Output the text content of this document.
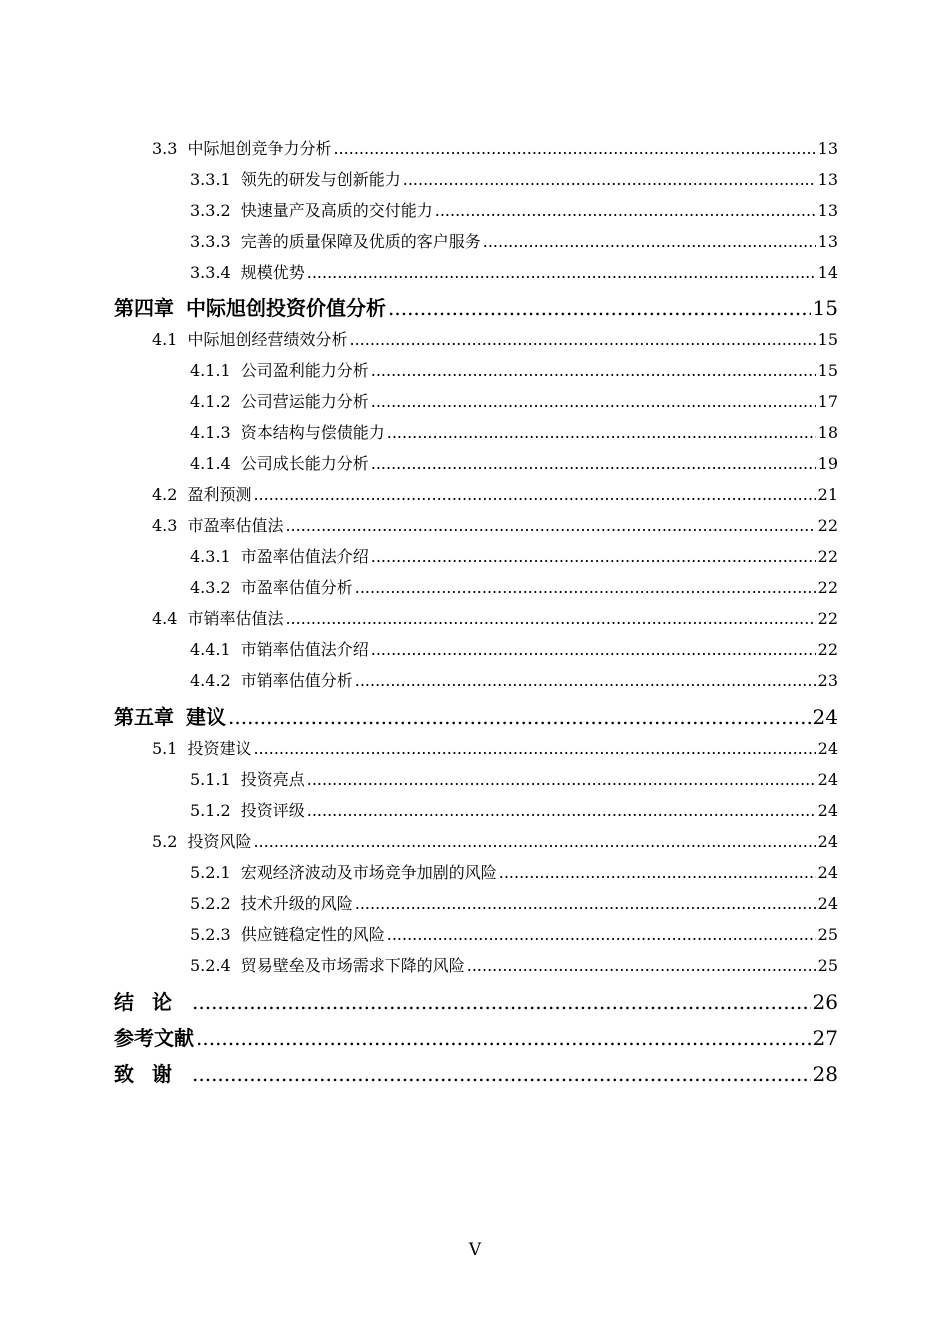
3.3 中际旭创竞争力分析 .....	13
3.3.1 领先的研发与创新能力 .....	13
3.3.2 快速量产及高质的交付能力 .....	13
3.3.3 完善的质量保障及优质的客户服务 .....	13
3.3.4 规模优势 .....	14
第四章 中际旭创投资价值分析 .....	15
4.1 中际旭创经营绩效分析 .....	15
4.1.1 公司盈利能力分析 .....	15
4.1.2 公司营运能力分析 .....	17
4.1.3 资本结构与偿债能力 .....	18
4.1.4 公司成长能力分析 .....	19
4.2 盈利预测 .....	21
4.3 市盈率估值法 .....	22
4.3.1 市盈率估值法介绍 .....	22
4.3.2 市盈率估值分析 .....	22
4.4 市销率估值法 .....	22
4.4.1 市销率估值法介绍 .....	22
4.4.2 市销率估值分析 .....	23
第五章 建议 .....	24
5.1 投资建议 .....	24
5.1.1 投资亮点 .....	24
5.1.2 投资评级 .....	24
5.2 投资风险 .....	24
5.2.1 宏观经济波动及市场竞争加剧的风险 .....	24
5.2.2 技术升级的风险 .....	24
5.2.3 供应链稳定性的风险 .....	25
5.2.4 贸易壁垒及市场需求下降的风险 .....	25
结论 .....	26
参考文献 .....	27
致谢 .....	28
V
